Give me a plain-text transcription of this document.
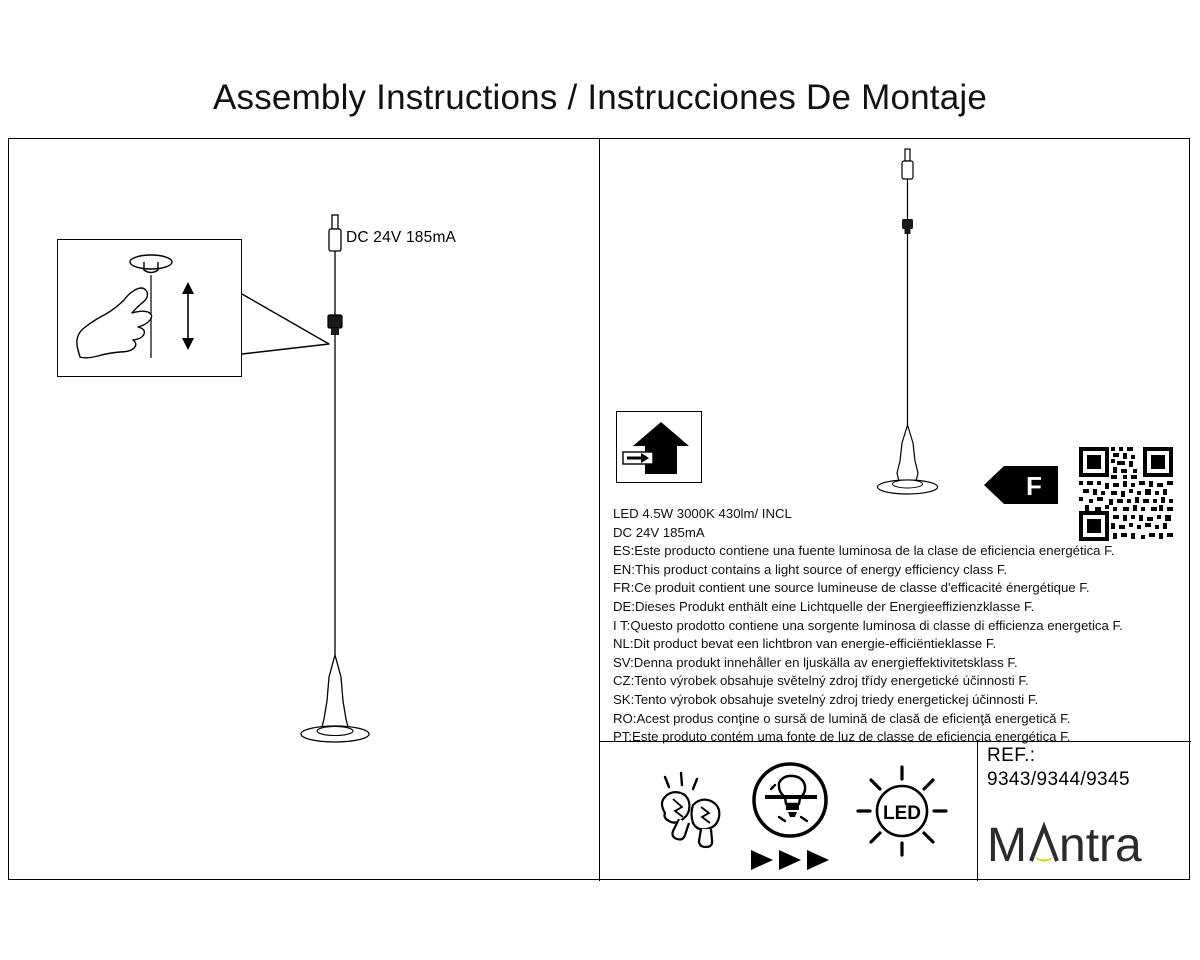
Assembly Instructions / Instrucciones De Montaje
DC 24V 185mA
LED 4.5W 3000K 430lm/ INCL
DC 24V 185mA
ES:Este producto contiene una fuente luminosa de la clase de eficiencia energética F.
EN:This product contains a light source of energy efficiency class F.
FR:Ce produit contient une source lumineuse de classe d'efficacité énergétique F.
DE:Dieses Produkt enthält eine Lichtquelle der Energieeffizienzklasse F.
I T:Questo prodotto contiene una sorgente luminosa di classe di efficienza energetica F.
NL:Dit product bevat een lichtbron van energie-efficiëntieklasse F.
SV:Denna produkt innehåller en ljuskälla av energieffektivitetsklass F.
CZ:Tento výrobek obsahuje světelný zdroj třídy energetické účinnosti F.
SK:Tento výrobok obsahuje svetelný zdroj triedy energetickej účinnosti F.
RO:Acest produs conţine o sursă de lumină de clasă de eficienţă energetică F.
PT:Este produto contém uma fonte de luz de classe de eficiencia energética F.
F
LED
REF.:
9343/9344/9345
M ntra
